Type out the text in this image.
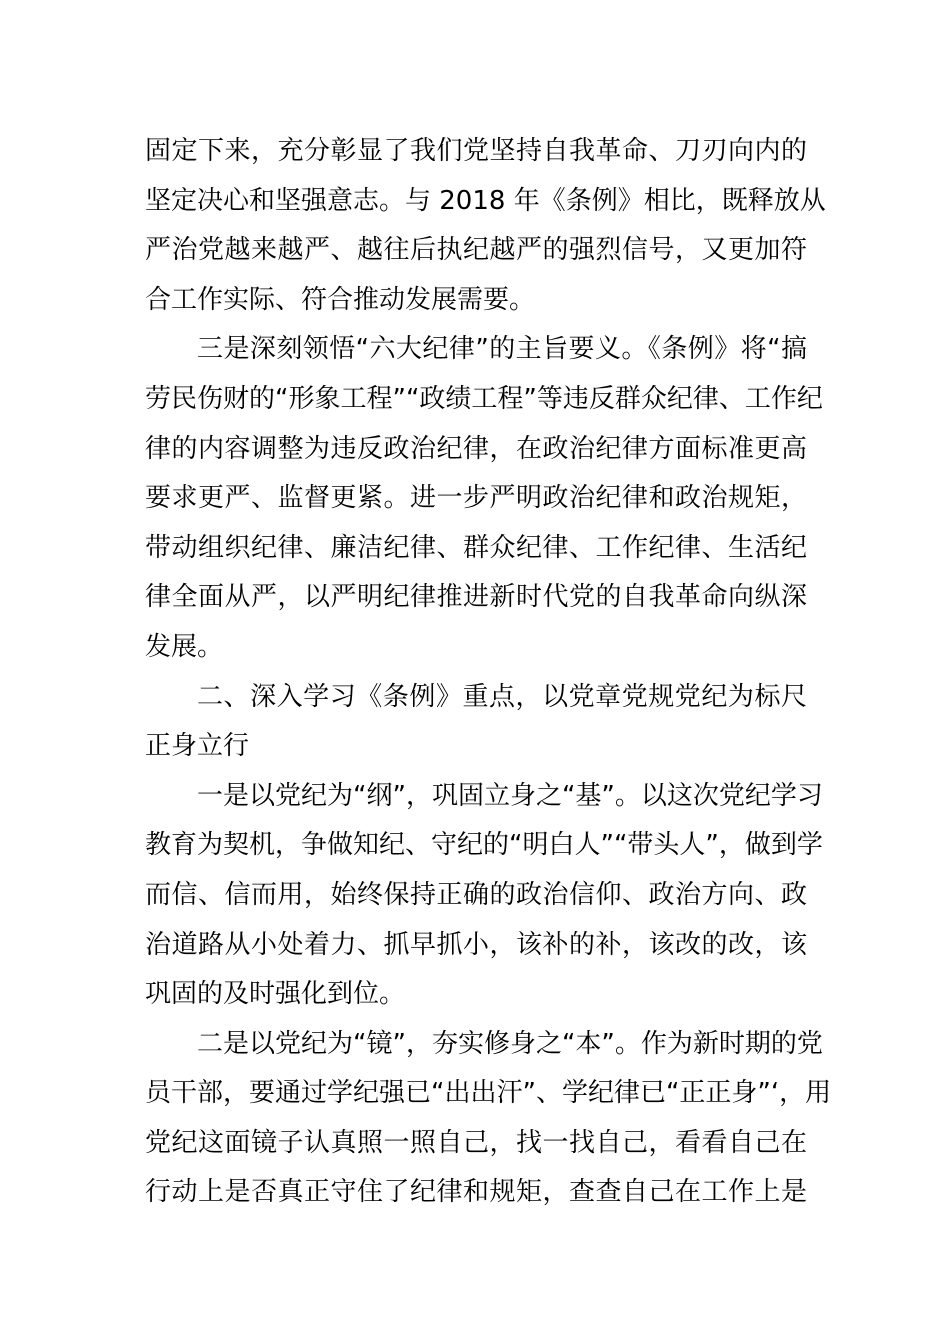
固定下来，充分彰显了我们党坚持自我革命、刀刃向内的
坚定决心和坚强意志。与 2018 年《条例》相比，既释放从
严治党越来越严、越往后执纪越严的强烈信号，又更加符
合工作实际、符合推动发展需要。
三是深刻领悟“六大纪律”的主旨要义。《条例》将“搞
劳民伤财的“形象工程”“政绩工程”等违反群众纪律、工作纪
律的内容调整为违反政治纪律，在政治纪律方面标准更高
要求更严、监督更紧。进一步严明政治纪律和政治规矩，
带动组织纪律、廉洁纪律、群众纪律、工作纪律、生活纪
律全面从严，以严明纪律推进新时代党的自我革命向纵深
发展。
二、深入学习《条例》重点，以党章党规党纪为标尺
正身立行
一是以党纪为“纲”，巩固立身之“基”。以这次党纪学习
教育为契机，争做知纪、守纪的“明白人”“带头人”，做到学
而信、信而用，始终保持正确的政治信仰、政治方向、政
治道路从小处着力、抓早抓小，该补的补，该改的改，该
巩固的及时强化到位。
二是以党纪为“镜”，夯实修身之“本”。作为新时期的党
员干部，要通过学纪强已“出出汗”、学纪律已“正正身”‘，用
党纪这面镜子认真照一照自己，找一找自己，看看自己在
行动上是否真正守住了纪律和规矩，查查自己在工作上是
